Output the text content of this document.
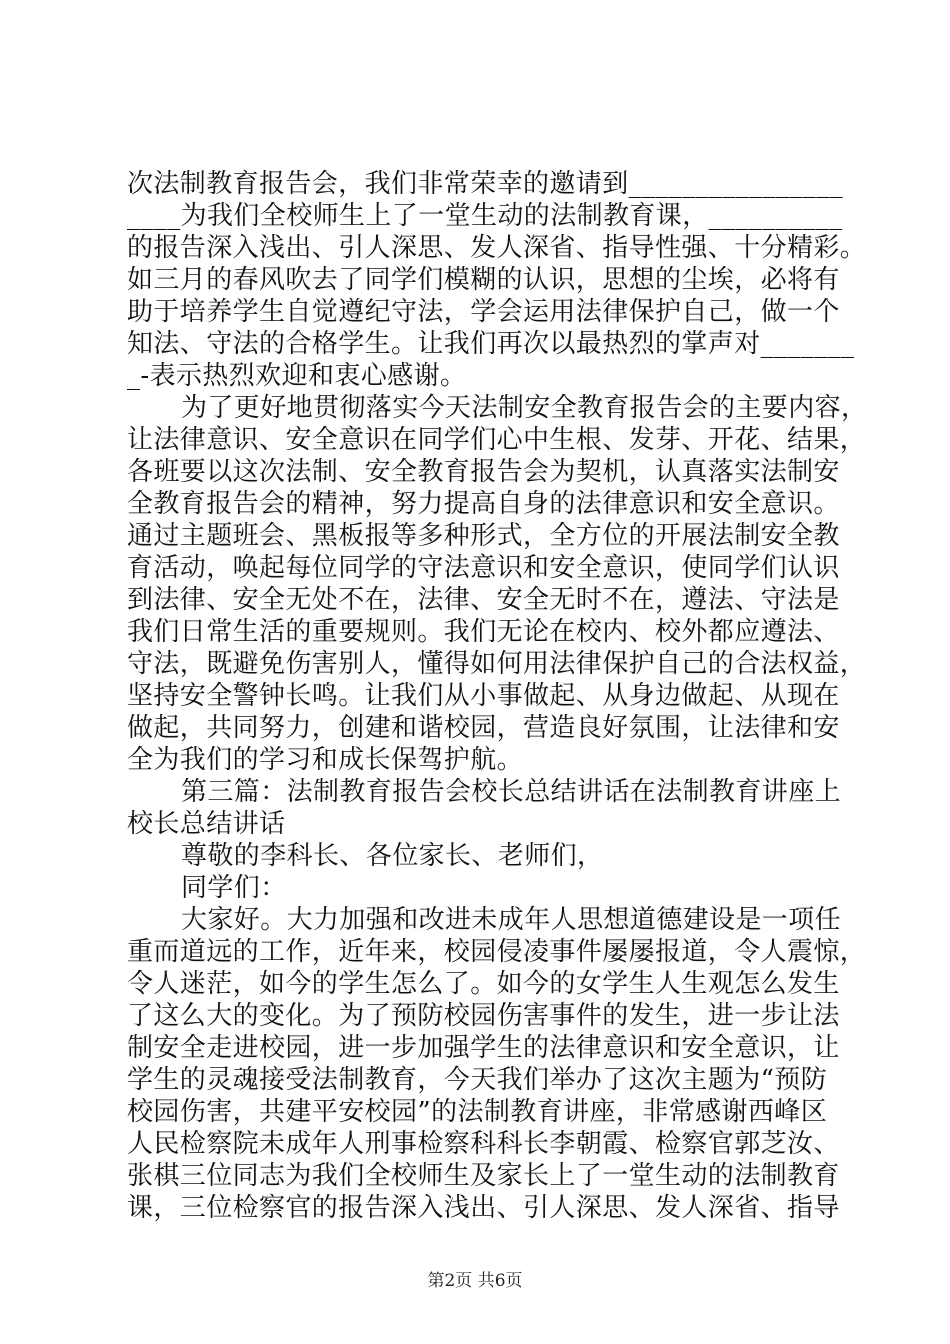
次法制教育报告会，我们非常荣幸的邀请到________________
____为我们全校师生上了一堂生动的法制教育课，__________
的报告深入浅出、引人深思、发人深省、指导性强、十分精彩。
如三月的春风吹去了同学们模糊的认识，思想的尘埃，必将有
助于培养学生自觉遵纪守法，学会运用法律保护自己，做一个
知法、守法的合格学生。让我们再次以最热烈的掌声对_______
_-表示热烈欢迎和衷心感谢。
为了更好地贯彻落实今天法制安全教育报告会的主要内容，
让法律意识、安全意识在同学们心中生根、发芽、开花、结果，
各班要以这次法制、安全教育报告会为契机，认真落实法制安
全教育报告会的精神，努力提高自身的法律意识和安全意识。
通过主题班会、黑板报等多种形式，全方位的开展法制安全教
育活动，唤起每位同学的守法意识和安全意识，使同学们认识
到法律、安全无处不在，法律、安全无时不在，遵法、守法是
我们日常生活的重要规则。我们无论在校内、校外都应遵法、
守法，既避免伤害别人，懂得如何用法律保护自己的合法权益，
坚持安全警钟长鸣。让我们从小事做起、从身边做起、从现在
做起，共同努力，创建和谐校园，营造良好氛围，让法律和安
全为我们的学习和成长保驾护航。
第三篇：法制教育报告会校长总结讲话在法制教育讲座上
校长总结讲话
尊敬的李科长、各位家长、老师们，
同学们：
大家好。大力加强和改进未成年人思想道德建设是一项任
重而道远的工作，近年来，校园侵凌事件屡屡报道，令人震惊，
令人迷茫，如今的学生怎么了。如今的女学生人生观怎么发生
了这么大的变化。为了预防校园伤害事件的发生，进一步让法
制安全走进校园，进一步加强学生的法律意识和安全意识，让
学生的灵魂接受法制教育，今天我们举办了这次主题为“预防
校园伤害，共建平安校园”的法制教育讲座，非常感谢西峰区
人民检察院未成年人刑事检察科科长李朝霞、检察官郭芝汝、
张棋三位同志为我们全校师生及家长上了一堂生动的法制教育
课，三位检察官的报告深入浅出、引人深思、发人深省、指导
第2页 共6页
